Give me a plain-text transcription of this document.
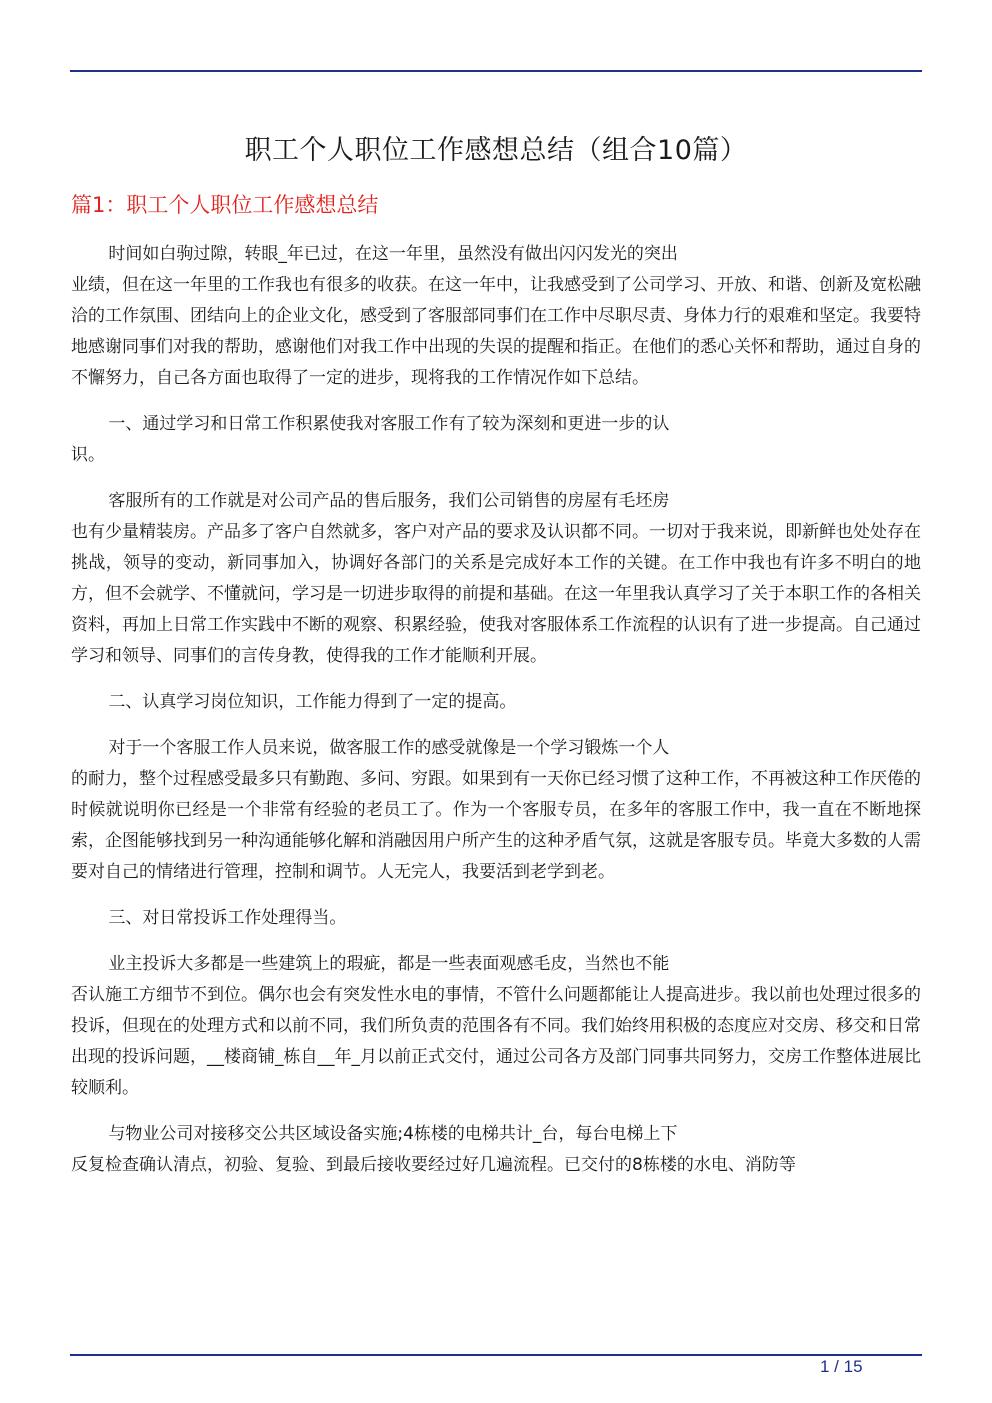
职工个人职位工作感想总结（组合10篇）
篇1：职工个人职位工作感想总结

时间如白驹过隙，转眼_年已过，在这一年里，虽然没有做出闪闪发光的突出
业绩，但在这一年里的工作我也有很多的收获。在这一年中，让我感受到了公司学习、开放、和谐、创新及宽松融洽的工作氛围、团结向上的企业文化，感受到了客服部同事们在工作中尽职尽责、身体力行的艰难和坚定。我要特地感谢同事们对我的帮助，感谢他们对我工作中出现的失误的提醒和指正。在他们的悉心关怀和帮助，通过自身的不懈努力，自己各方面也取得了一定的进步，现将我的工作情况作如下总结。

一、通过学习和日常工作积累使我对客服工作有了较为深刻和更进一步的认
识。

客服所有的工作就是对公司产品的售后服务，我们公司销售的房屋有毛坯房
也有少量精装房。产品多了客户自然就多，客户对产品的要求及认识都不同。一切对于我来说，即新鲜也处处存在挑战，领导的变动，新同事加入，协调好各部门的关系是完成好本工作的关键。在工作中我也有许多不明白的地方，但不会就学、不懂就问，学习是一切进步取得的前提和基础。在这一年里我认真学习了关于本职工作的各相关资料，再加上日常工作实践中不断的观察、积累经验，使我对客服体系工作流程的认识有了进一步提高。自己通过学习和领导、同事们的言传身教，使得我的工作才能顺利开展。

二、认真学习岗位知识，工作能力得到了一定的提高。

对于一个客服工作人员来说，做客服工作的感受就像是一个学习锻炼一个人
的耐力，整个过程感受最多只有勤跑、多问、穷跟。如果到有一天你已经习惯了这种工作，不再被这种工作厌倦的时候就说明你已经是一个非常有经验的老员工了。作为一个客服专员，在多年的客服工作中，我一直在不断地探索，企图能够找到另一种沟通能够化解和消融因用户所产生的这种矛盾气氛，这就是客服专员。毕竟大多数的人需要对自己的情绪进行管理，控制和调节。人无完人，我要活到老学到老。

三、对日常投诉工作处理得当。

业主投诉大多都是一些建筑上的瑕疵，都是一些表面观感毛皮，当然也不能
否认施工方细节不到位。偶尔也会有突发性水电的事情，不管什么问题都能让人提高进步。我以前也处理过很多的投诉，但现在的处理方式和以前不同，我们所负责的范围各有不同。我们始终用积极的态度应对交房、移交和日常出现的投诉问题，__楼商铺_栋自__年_月以前正式交付，通过公司各方及部门同事共同努力，交房工作整体进展比较顺利。

与物业公司对接移交公共区域设备实施;4栋楼的电梯共计_台，每台电梯上下
反复检查确认清点，初验、复验、到最后接收要经过好几遍流程。已交付的8栋楼的水电、消防等

1 / 15
